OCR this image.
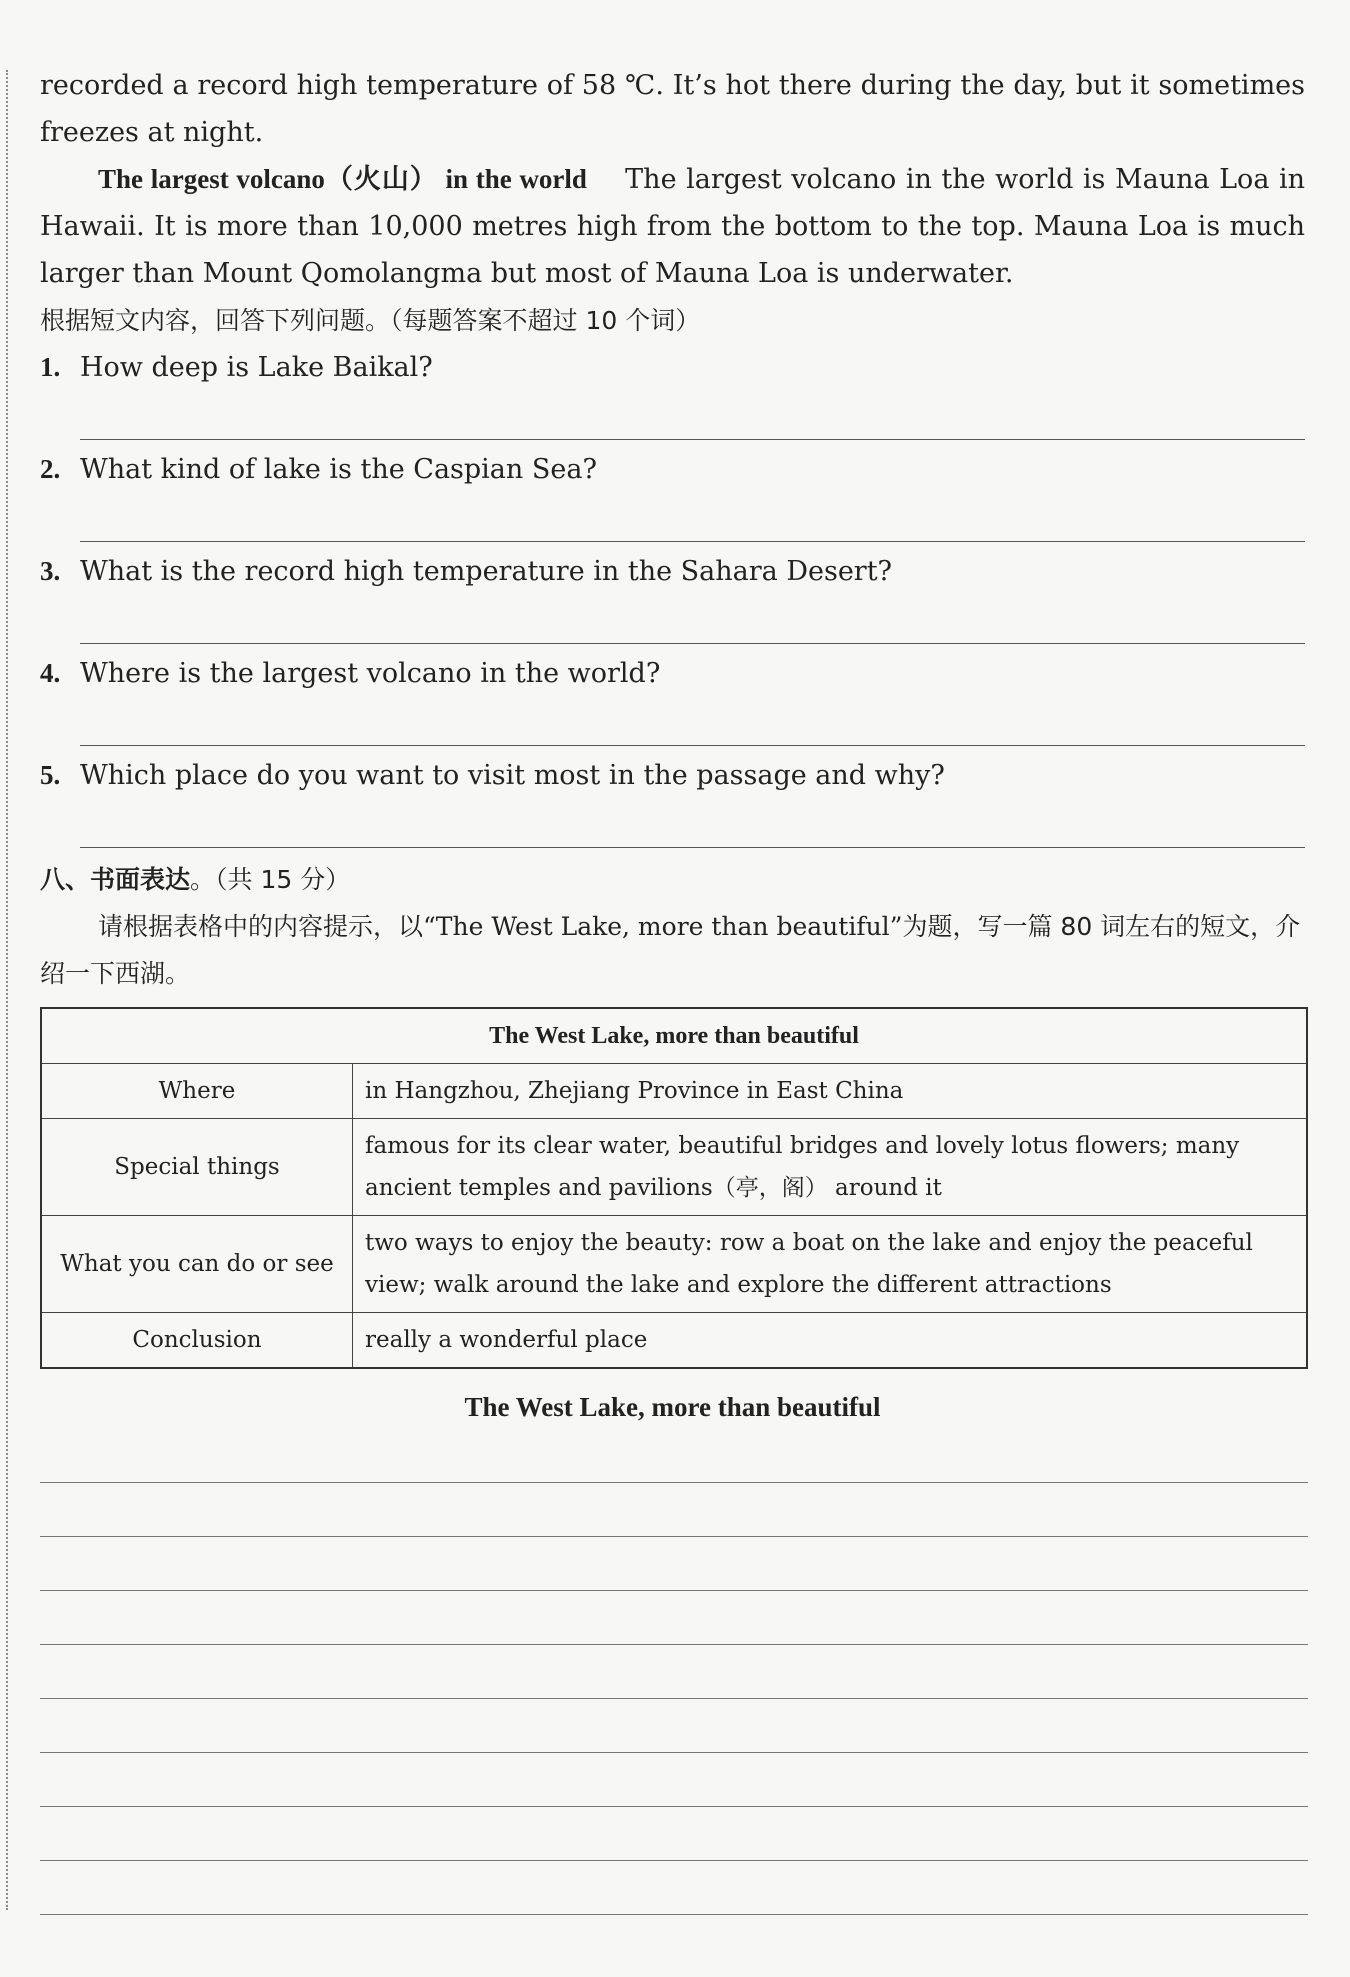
recorded a record high temperature of 58 ℃. It’s hot there during the day, but it sometimes freezes at night.

The largest volcano（火山） in the world The largest volcano in the world is Mauna Loa in Hawaii. It is more than 10,000 metres high from the bottom to the top. Mauna Loa is much larger than Mount Qomolangma but most of Mauna Loa is underwater.

根据短文内容，回答下列问题。（每题答案不超过 10 个词）

1. How deep is Lake Baikal?

2. What kind of lake is the Caspian Sea?

3. What is the record high temperature in the Sahara Desert?

4. Where is the largest volcano in the world?

5. Which place do you want to visit most in the passage and why?

八、书面表达。（共 15 分）

请根据表格中的内容提示，以“The West Lake, more than beautiful”为题，写一篇 80 词左右的短文，介绍一下西湖。

The West Lake, more than beautiful	
Where	in Hangzhou, Zhejiang Province in East China
Special things	famous for its clear water, beautiful bridges and lovely lotus flowers; many ancient temples and pavilions（亭，阁） around it
What you can do or see	two ways to enjoy the beauty: row a boat on the lake and enjoy the peaceful view; walk around the lake and explore the different attractions
Conclusion	really a wonderful place
The West Lake, more than beautiful
